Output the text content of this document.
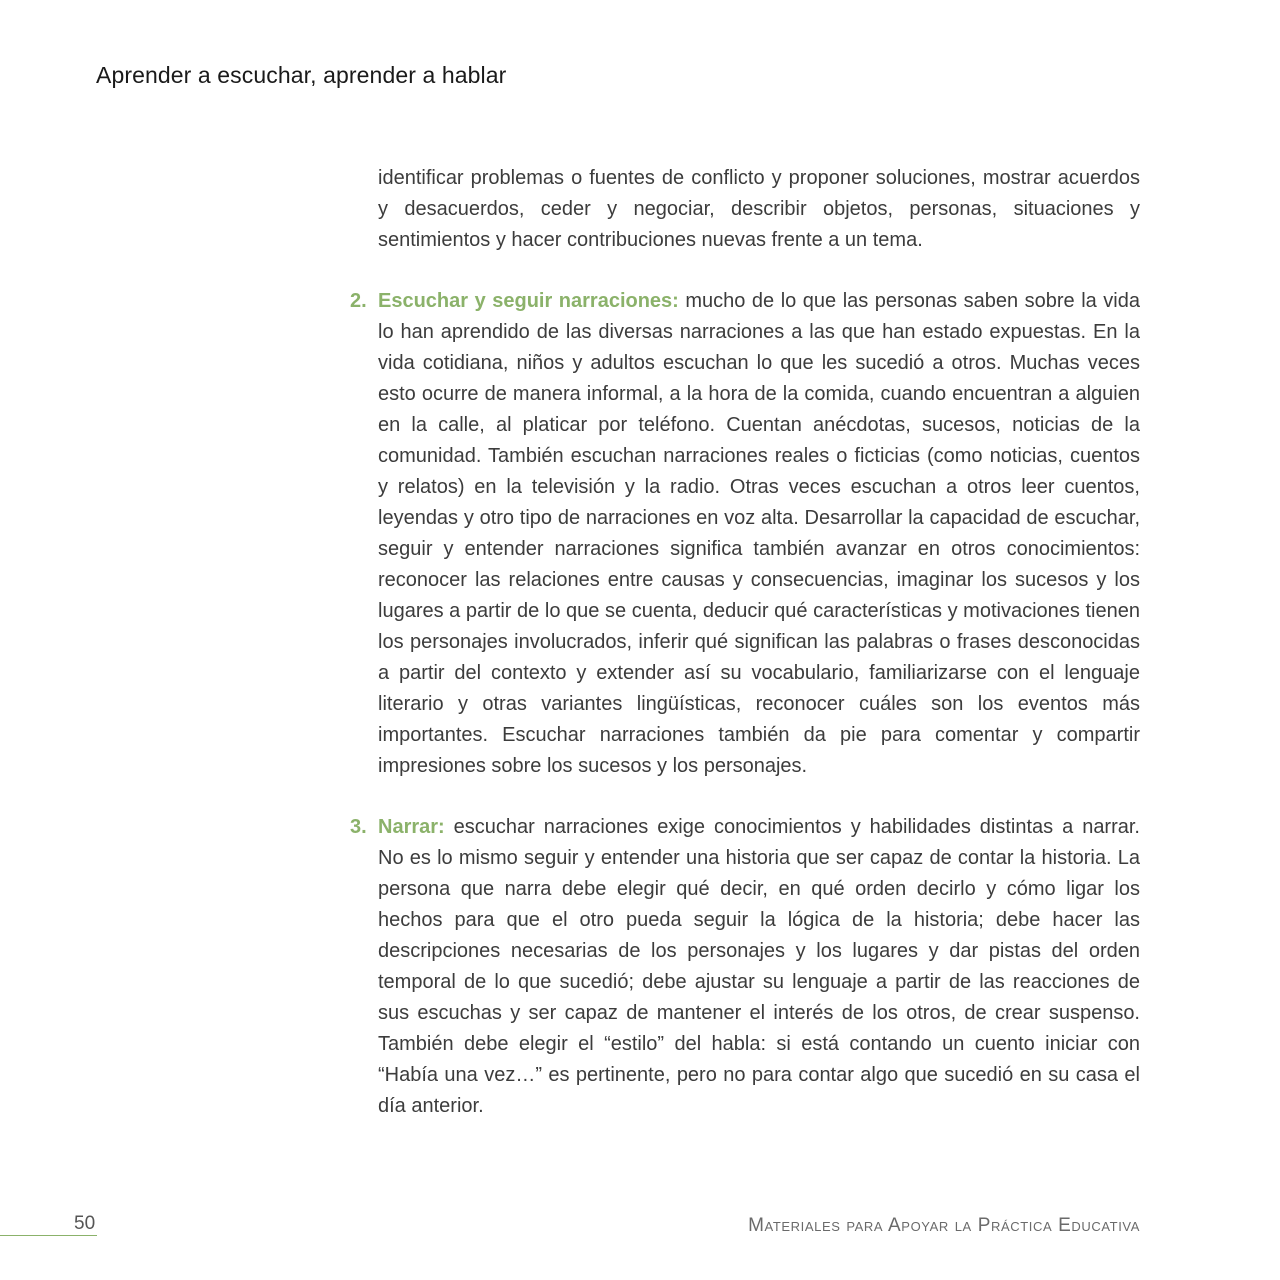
Aprender a escuchar, aprender a hablar

identificar problemas o fuentes de conflicto y proponer soluciones, mostrar acuerdos y desacuerdos, ceder y negociar, describir objetos, personas, situaciones y sentimientos y hacer contribuciones nuevas frente a un tema.

2. Escuchar y seguir narraciones: mucho de lo que las personas saben sobre la vida lo han aprendido de las diversas narraciones a las que han estado expuestas. En la vida cotidiana, niños y adultos escuchan lo que les sucedió a otros. Muchas veces esto ocurre de manera informal, a la hora de la comida, cuando encuentran a alguien en la calle, al platicar por teléfono. Cuentan anécdotas, sucesos, noticias de la comunidad. También escuchan narraciones reales o ficticias (como noticias, cuentos y relatos) en la televisión y la radio. Otras veces escuchan a otros leer cuentos, leyendas y otro tipo de narraciones en voz alta. Desarrollar la capacidad de escuchar, seguir y entender narraciones significa también avanzar en otros conocimientos: reconocer las relaciones entre causas y consecuencias, imaginar los sucesos y los lugares a partir de lo que se cuenta, deducir qué características y motivaciones tienen los personajes involucrados, inferir qué significan las palabras o frases desconocidas a partir del contexto y extender así su vocabulario, familiarizarse con el lenguaje literario y otras variantes lingüísticas, reconocer cuáles son los eventos más importantes. Escuchar narraciones también da pie para comentar y compartir impresiones sobre los sucesos y los personajes.
3. Narrar: escuchar narraciones exige conocimientos y habilidades distintas a narrar. No es lo mismo seguir y entender una historia que ser capaz de contar la historia. La persona que narra debe elegir qué decir, en qué orden decirlo y cómo ligar los hechos para que el otro pueda seguir la lógica de la historia; debe hacer las descripciones necesarias de los personajes y los lugares y dar pistas del orden temporal de lo que sucedió; debe ajustar su lenguaje a partir de las reacciones de sus escuchas y ser capaz de mantener el interés de los otros, de crear suspenso. También debe elegir el “estilo” del habla: si está contando un cuento iniciar con “Había una vez…” es pertinente, pero no para contar algo que sucedió en su casa el día anterior.
50	Materiales para Apoyar la Práctica Educativa
